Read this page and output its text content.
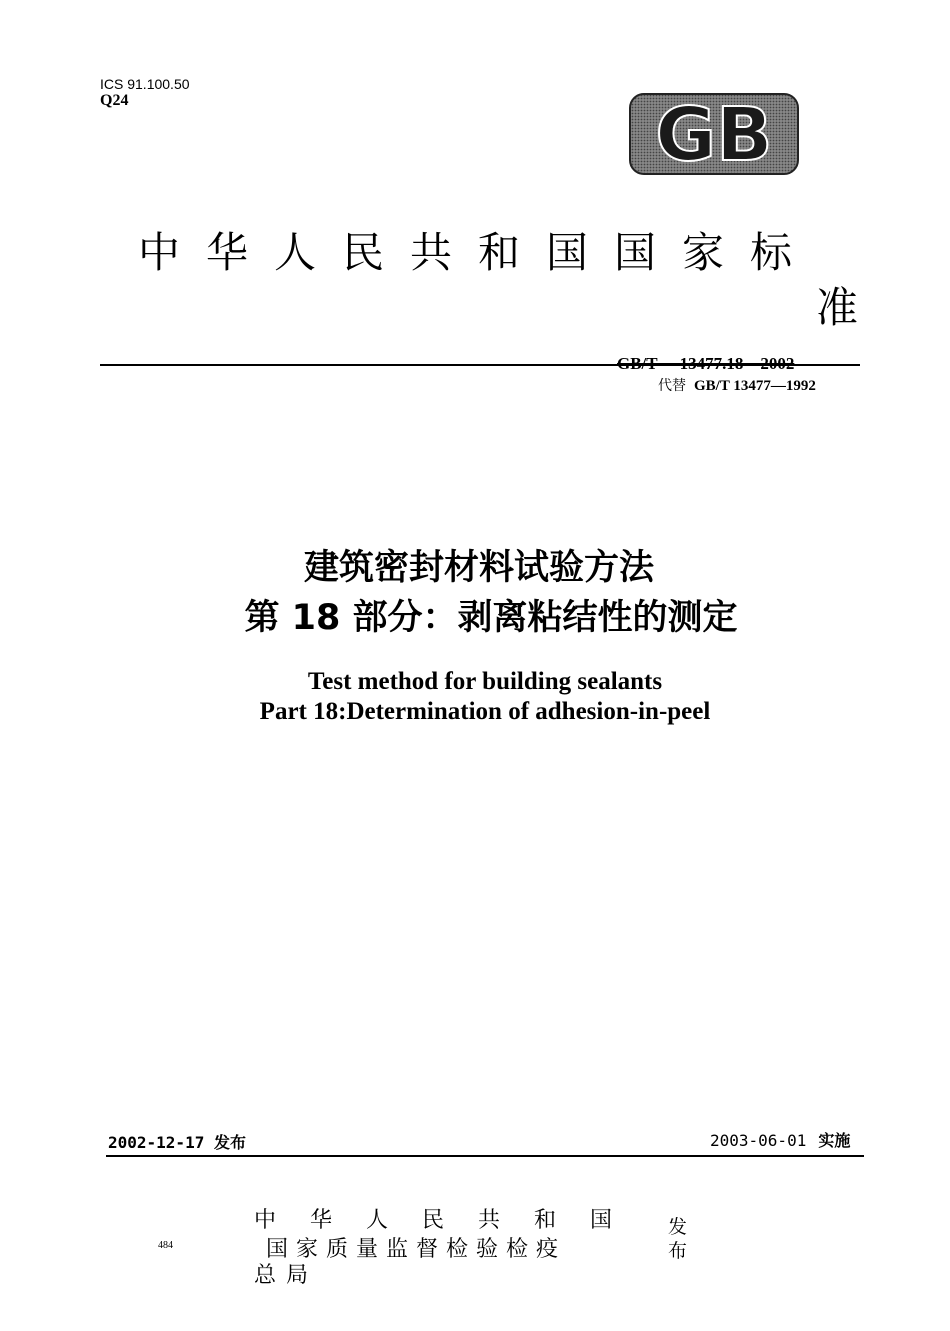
ICS 91.100.50
Q24	GB
中华人民共和国国家标
准
GB/T 13477.18—2002
代替 GB/T 13477—1992
建筑密封材料试验方法
第 18 部分：剥离粘结性的测定
Test method for building sealants
Part 18:Determination of adhesion-in-peel
2002-12-17 发布	2003-06-01 实施
484
中华人民共和国
国家质量监督检验检疫
总局
发布
